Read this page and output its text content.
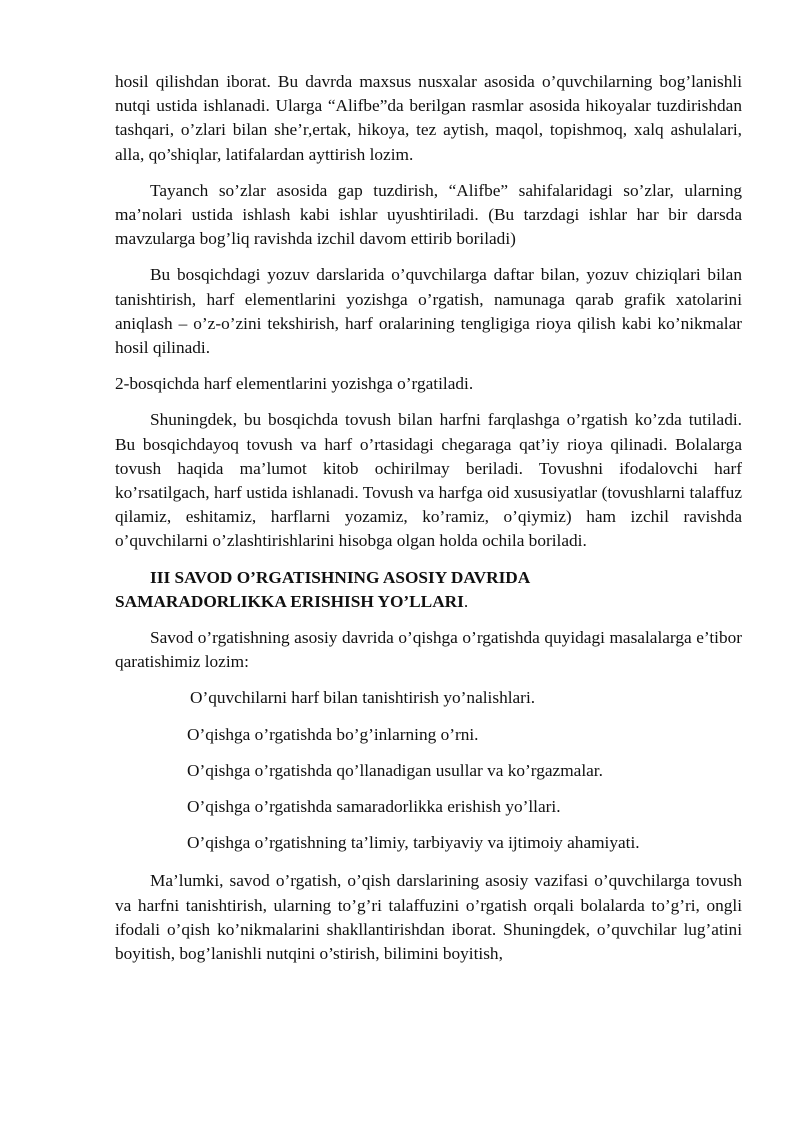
hosil qilishdan iborat. Bu davrda maxsus nusxalar asosida o’quvchilarning bog’lanishli nutqi ustida ishlanadi. Ularga “Alifbe”da berilgan rasmlar asosida hikoyalar tuzdirishdan tashqari, o’zlari bilan she’r,ertak, hikoya, tez aytish, maqol, topishmoq, xalq ashulalari, alla, qo’shiqlar, latifalardan ayttirish lozim.

Tayanch so’zlar asosida gap tuzdirish, “Alifbe” sahifalaridagi so’zlar, ularning ma’nolari ustida ishlash kabi ishlar uyushtiriladi. (Bu tarzdagi ishlar har bir darsda mavzularga bog’liq ravishda izchil davom ettirib boriladi)

Bu bosqichdagi yozuv darslarida o’quvchilarga daftar bilan, yozuv chiziqlari bilan tanishtirish, harf elementlarini yozishga o’rgatish, namunaga qarab grafik xatolarini aniqlash – o’z-o’zini tekshirish, harf oralarining tengligiga rioya qilish kabi ko’nikmalar hosil qilinadi.

2-bosqichda harf elementlarini yozishga o’rgatiladi.

Shuningdek, bu bosqichda tovush bilan harfni farqlashga o’rgatish ko’zda tutiladi. Bu bosqichdayoq tovush va harf o’rtasidagi chegaraga qat’iy rioya qilinadi. Bolalarga tovush haqida ma’lumot kitob ochirilmay beriladi. Tovushni ifodalovchi harf ko’rsatilgach, harf ustida ishlanadi. Tovush va harfga oid xususiyatlar (tovushlarni talaffuz qilamiz, eshitamiz, harflarni yozamiz, ko’ramiz, o’qiymiz) ham izchil ravishda o’quvchilarni o’zlashtirishlarini hisobga olgan holda ochila boriladi.

III SAVOD O’RGATISHNING ASOSIY DAVRIDA
SAMARADORLIKKA ERISHISH YO’LLARI.

Savod o’rgatishning asosiy davrida o’qishga o’rgatishda quyidagi masalalarga e’tibor qaratishimiz lozim:

O’quvchilarni harf bilan tanishtirish yo’nalishlari.
O’qishga o’rgatishda bo’g’inlarning o’rni.
O’qishga o’rgatishda qo’llanadigan usullar va ko’rgazmalar.
O’qishga o’rgatishda samaradorlikka erishish yo’llari.
O’qishga o’rgatishning ta’limiy, tarbiyaviy va ijtimoiy ahamiyati.

Ma’lumki, savod o’rgatish, o’qish darslarining asosiy vazifasi o’quvchilarga tovush va harfni tanishtirish, ularning to’g’ri talaffuzini o’rgatish orqali bolalarda to’g’ri, ongli ifodali o’qish ko’nikmalarini shakllantirishdan iborat. Shuningdek, o’quvchilar lug’atini boyitish, bog’lanishli nutqini o’stirish, bilimini boyitish,
